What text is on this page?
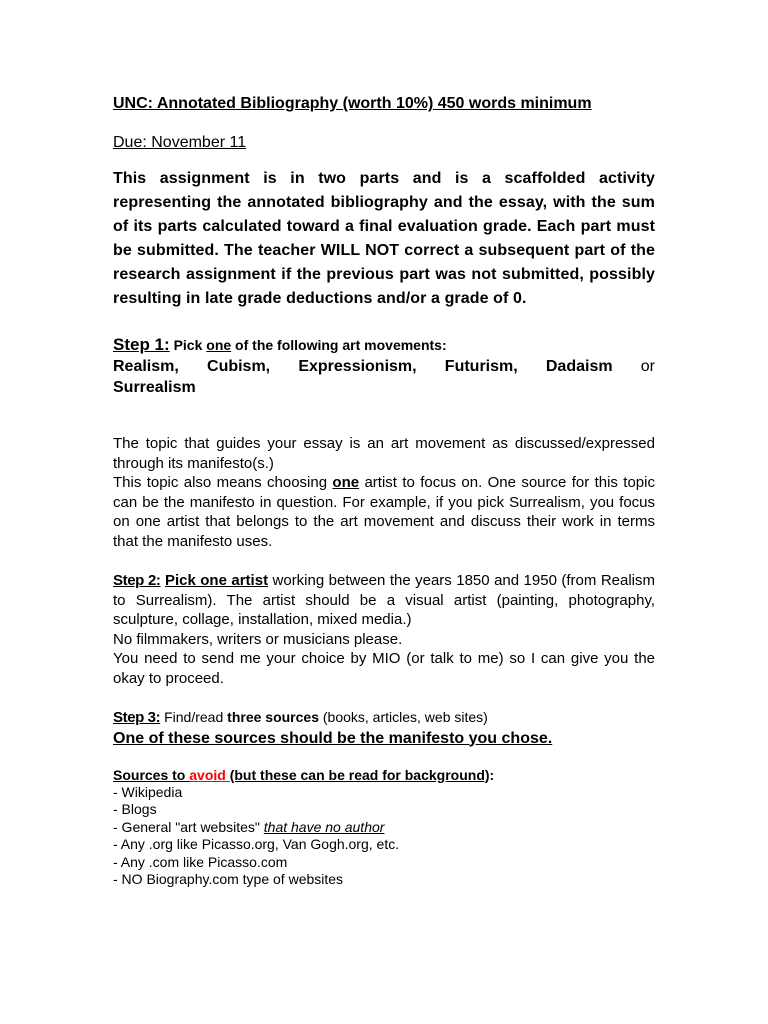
UNC: Annotated Bibliography (worth 10%) 450 words minimum

Due: November 11

This assignment is in two parts and is a scaffolded activity representing the annotated bibliography and the essay, with the sum of its parts calculated toward a final evaluation grade. Each part must be submitted. The teacher WILL NOT correct a subsequent part of the research assignment if the previous part was not submitted, possibly resulting in late grade deductions and/or a grade of 0.

Step 1: Pick one of the following art movements:

Realism, Cubism, Expressionism, Futurism, Dadaism or

Surrealism

The topic that guides your essay is an art movement as discussed/expressed through its manifesto(s.)

This topic also means choosing one artist to focus on. One source for this topic can be the manifesto in question. For example, if you pick Surrealism, you focus on one artist that belongs to the art movement and discuss their work in terms that the manifesto uses.

Step 2: Pick one artist working between the years 1850 and 1950 (from Realism to Surrealism). The artist should be a visual artist (painting, photography, sculpture, collage, installation, mixed media.)

No filmmakers, writers or musicians please.

You need to send me your choice by MIO (or talk to me) so I can give you the okay to proceed.

Step 3: Find/read three sources (books, articles, web sites)

One of these sources should be the manifesto you chose.

Sources to avoid (but these can be read for background):

- Wikipedia
- Blogs
- General "art websites" that have no author
- Any .org like Picasso.org, Van Gogh.org, etc.
- Any .com like Picasso.com
- NO Biography.com type of websites
